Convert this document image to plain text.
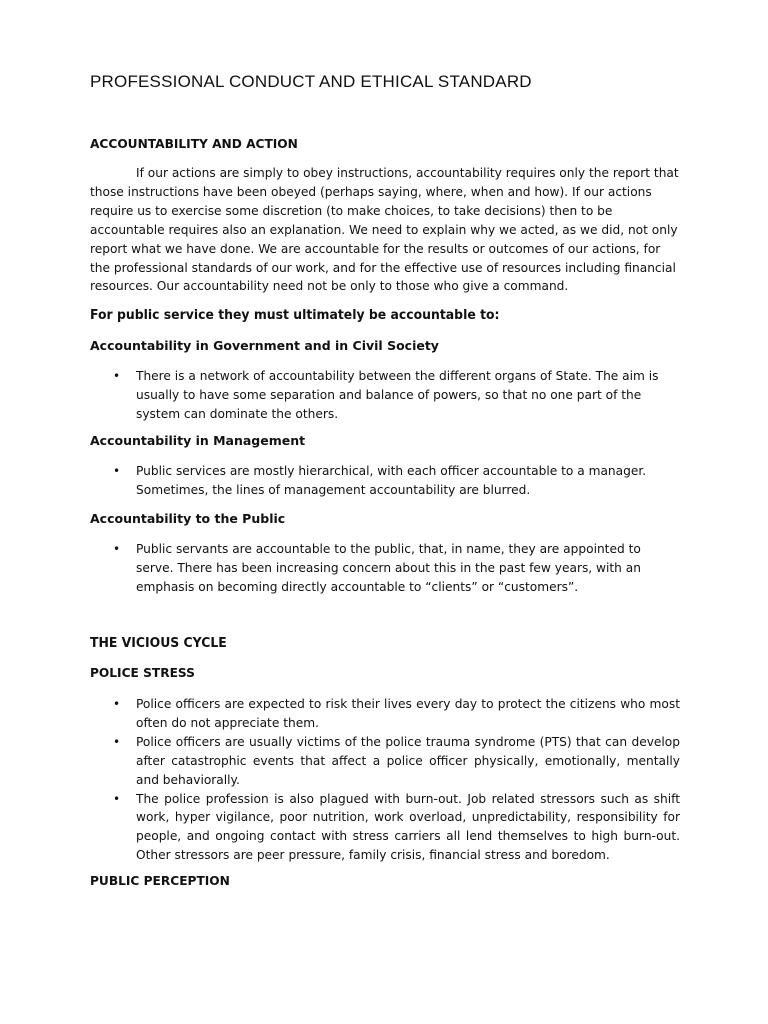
PROFESSIONAL CONDUCT AND ETHICAL STANDARD
ACCOUNTABILITY AND ACTION

If our actions are simply to obey instructions, accountability requires only the report that those instructions have been obeyed (perhaps saying, where, when and how). If our actions require us to exercise some discretion (to make choices, to take decisions) then to be accountable requires also an explanation. We need to explain why we acted, as we did, not only report what we have done. We are accountable for the results or outcomes of our actions, for the professional standards of our work, and for the effective use of resources including financial resources. Our accountability need not be only to those who give a command.

For public service they must ultimately be accountable to:
Accountability in Government and in Civil Society
• There is a network of accountability between the different organs of State. The aim is usually to have some separation and balance of powers, so that no one part of the system can dominate the others.
Accountability in Management
• Public services are mostly hierarchical, with each officer accountable to a manager. Sometimes, the lines of management accountability are blurred.
Accountability to the Public
• Public servants are accountable to the public, that, in name, they are appointed to serve. There has been increasing concern about this in the past few years, with an emphasis on becoming directly accountable to “clients” or “customers”.
THE VICIOUS CYCLE
POLICE STRESS
• Police officers are expected to risk their lives every day to protect the citizens who most often do not appreciate them.
• Police officers are usually victims of the police trauma syndrome (PTS) that can develop after catastrophic events that affect a police officer physically, emotionally, mentally and behaviorally.
• The police profession is also plagued with burn-out. Job related stressors such as shift work, hyper vigilance, poor nutrition, work overload, unpredictability, responsibility for people, and ongoing contact with stress carriers all lend themselves to high burn-out. Other stressors are peer pressure, family crisis, financial stress and boredom.
PUBLIC PERCEPTION
